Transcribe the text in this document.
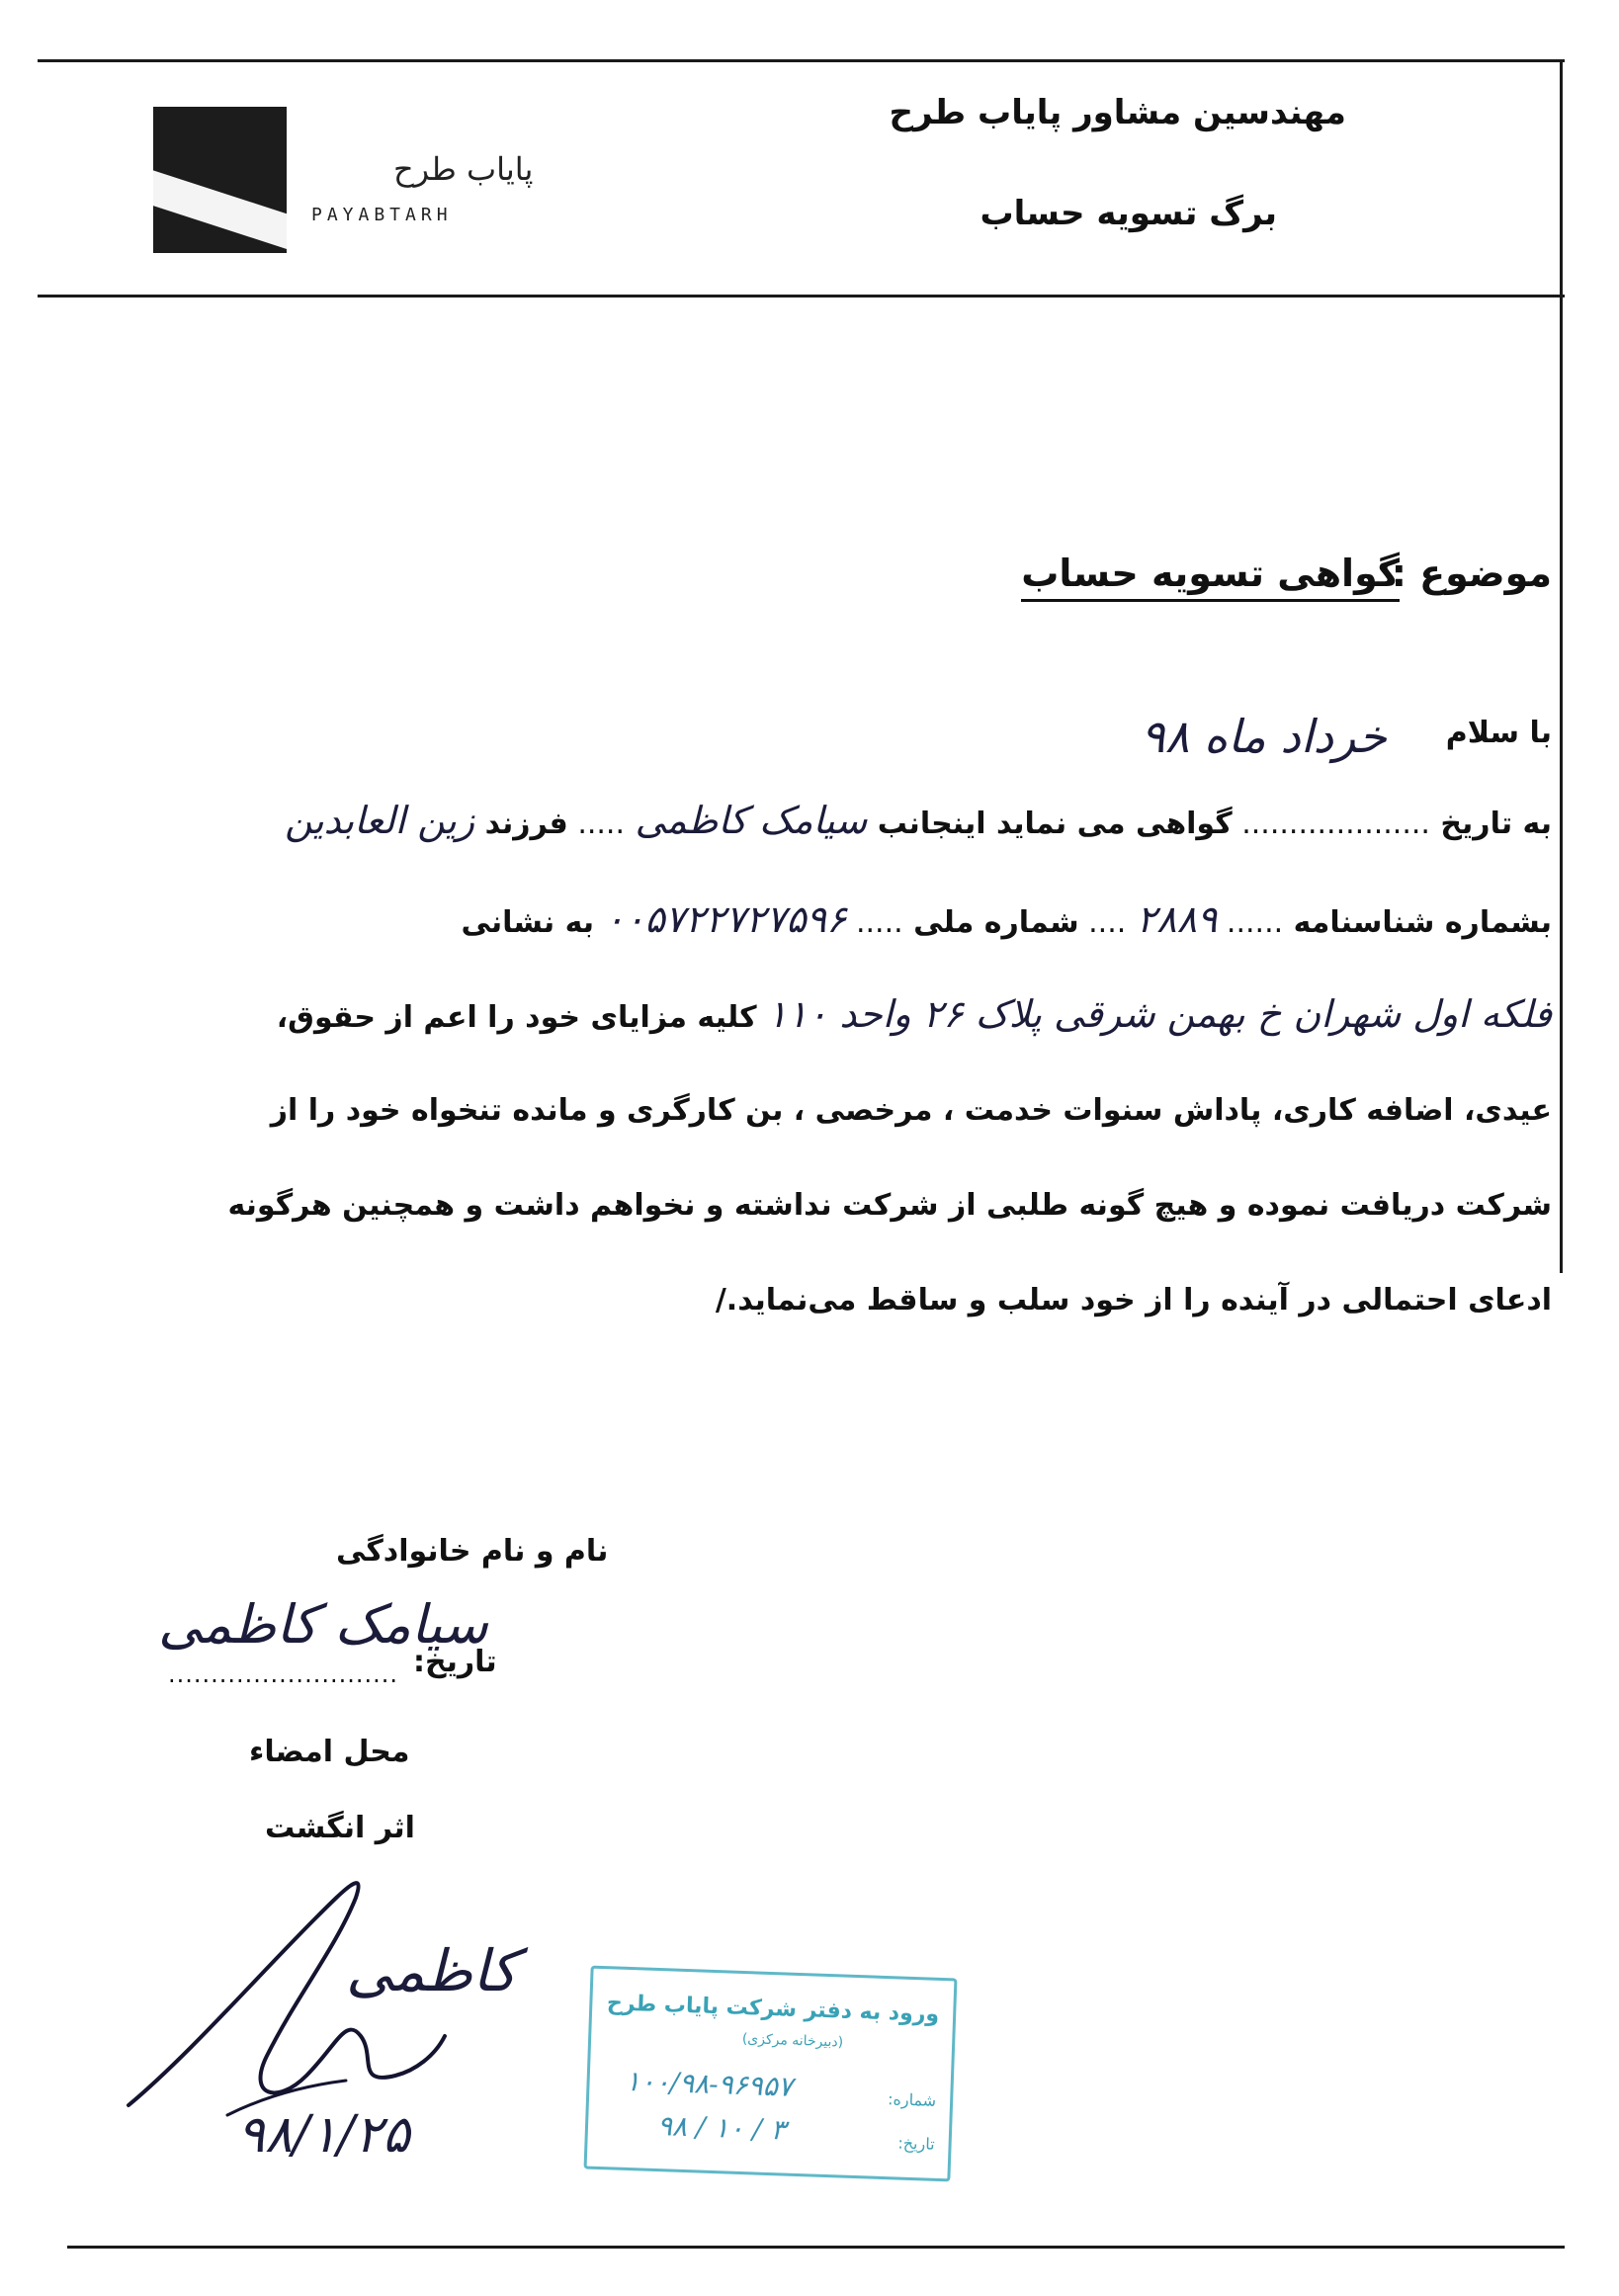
پایاب طرح
PAYABTARH
مهندسین مشاور پایاب طرح
برگ تسویه حساب
موضوع :
گواهی تسویه حساب
با سلام
خرداد ماه ۹۸
به تاریخ .................... گواهی می نماید اینجانب سیامک کاظمی ..... فرزند زین العابدین
بشماره شناسنامه ...... ۲۸۸۹ .... شماره ملی ..... ۰۰۵۷۲۲۷۲۷۵۹۶ به نشانی
فلکه اول شهران خ بهمن شرقی پلاک ۲۶ واحد ۱۱۰ کلیه مزایای خود را اعم از حقوق،
عیدی، اضافه کاری، پاداش سنوات خدمت ، مرخصی ، بن کارگری و مانده تنخواه خود را از
شرکت دریافت نموده و هیچ گونه طلبی از شرکت نداشته و نخواهم داشت و همچنین هرگونه
ادعای احتمالی در آینده را از خود سلب و ساقط می‌نماید./
نام و نام خانوادگی
سیامک کاظمی
تاریخ:
...........................
محل امضاء
اثر انگشت
کاظمی
۹۸/۱/۲۵
ورود به دفتر شرکت پایاب طرح
(دبیرخانه مرکزی)
شماره:
۱۰۰/۹۸-۹۶۹۵۷
تاریخ:
۹۸ / ۱۰ / ۳
